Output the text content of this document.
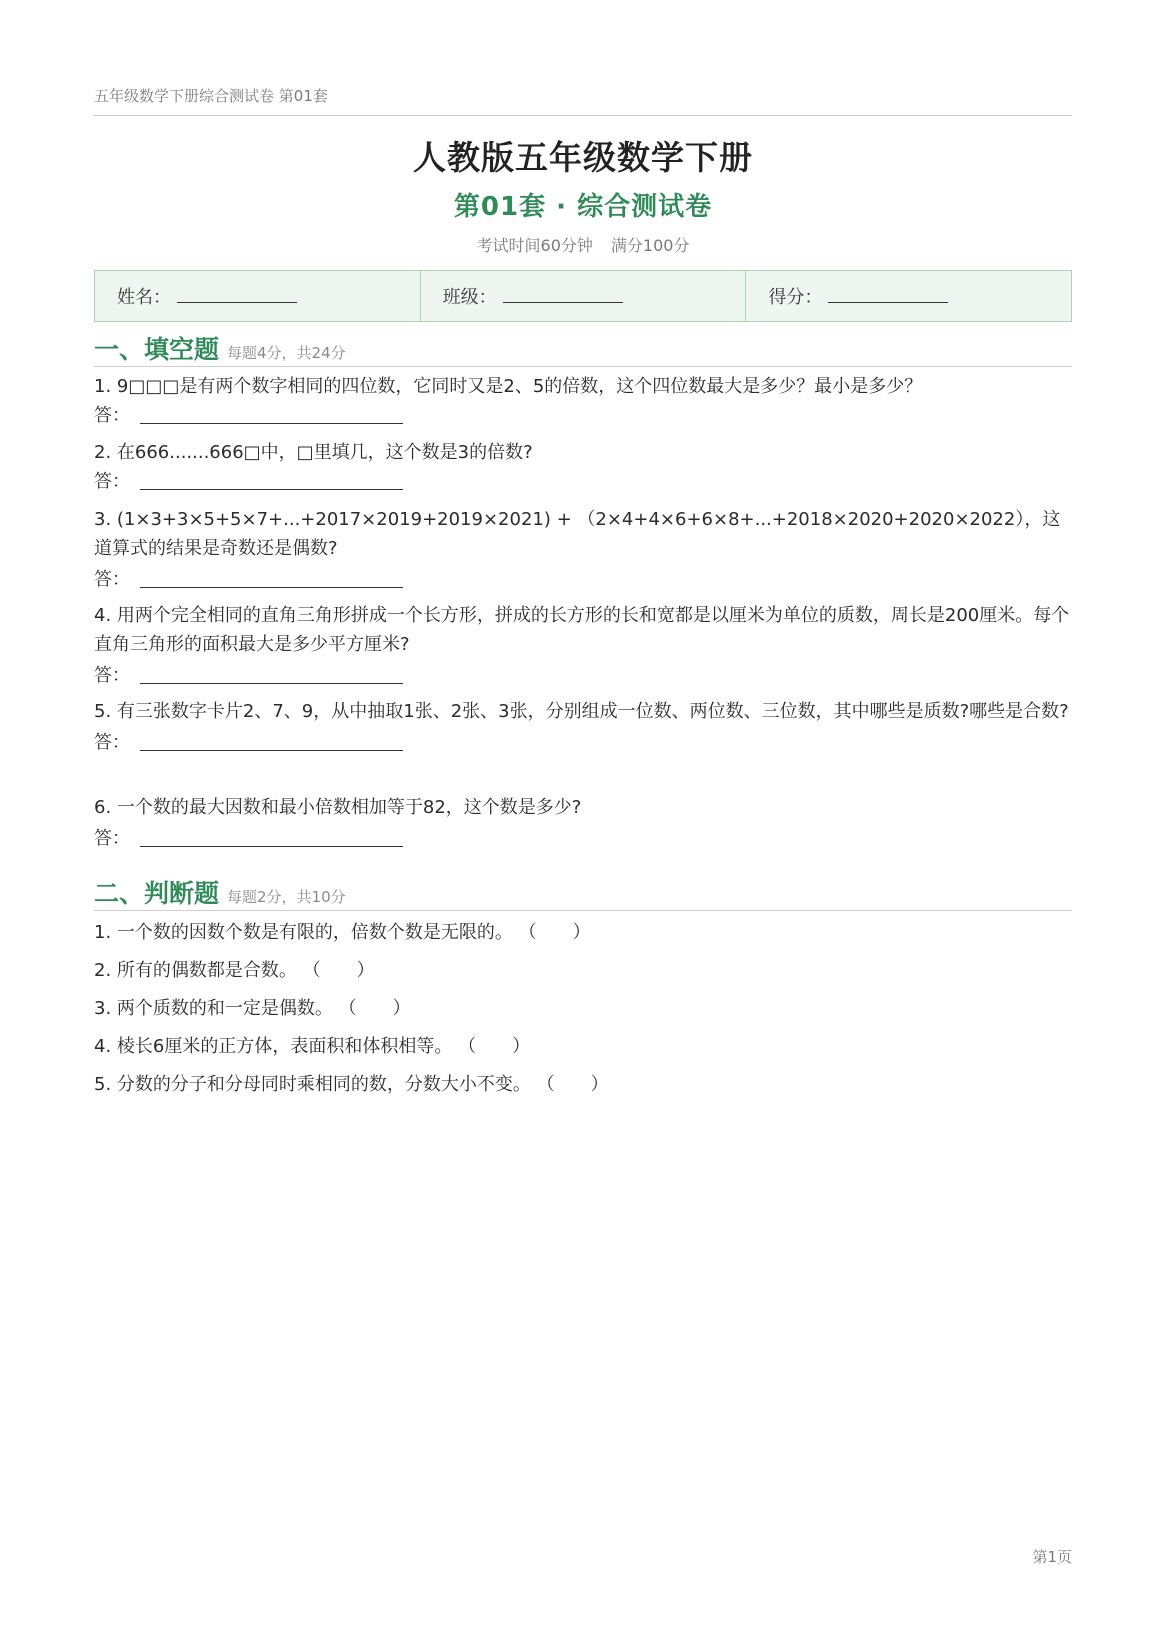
五年级数学下册综合测试卷 第01套
人教版五年级数学下册
第01套 · 综合测试卷
考试时间60分钟 满分100分
姓名：	班级：	得分：
一、填空题 每题4分，共24分
1. 9□□□是有两个数字相同的四位数，它同时又是2、5的倍数，这个四位数最大是多少？最小是多少？
答：
2. 在666.......666□中，□里填几，这个数是3的倍数?
答：
3. (1×3+3×5+5×7+...+2017×2019+2019×2021) + （2×4+4×6+6×8+...+2018×2020+2020×2022），这道算式的结果是奇数还是偶数?
答：
4. 用两个完全相同的直角三角形拼成一个长方形，拼成的长方形的长和宽都是以厘米为单位的质数，周长是200厘米。每个直角三角形的面积最大是多少平方厘米?
答：
5. 有三张数字卡片2、7、9，从中抽取1张、2张、3张，分别组成一位数、两位数、三位数，其中哪些是质数?哪些是合数?
答：
6. 一个数的最大因数和最小倍数相加等于82，这个数是多少?
答：
二、判断题 每题2分，共10分
1. 一个数的因数个数是有限的，倍数个数是无限的。 （　　）
2. 所有的偶数都是合数。 （　　）
3. 两个质数的和一定是偶数。 （　　）
4. 棱长6厘米的正方体，表面积和体积相等。 （　　）
5. 分数的分子和分母同时乘相同的数，分数大小不变。 （　　）
第1页
